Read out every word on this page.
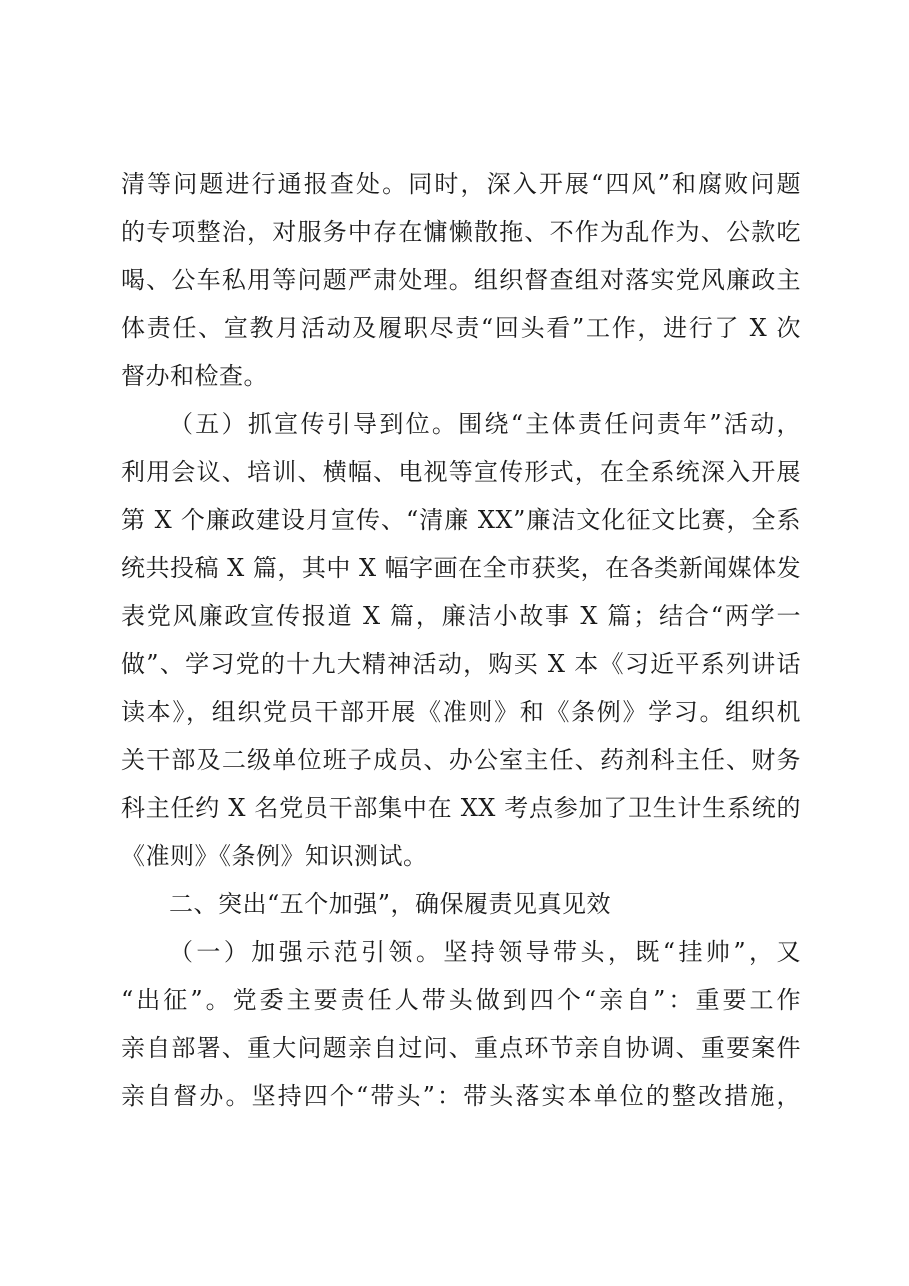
清等问题进行通报查处。同时，深入开展“四风”和腐败问题
的专项整治，对服务中存在慵懒散拖、不作为乱作为、公款吃
喝、公车私用等问题严肃处理。组织督查组对落实党风廉政主
体责任、宣教月活动及履职尽责“回头看”工作，进行了 X 次
督办和检查。
（五）抓宣传引导到位。围绕“主体责任问责年”活动，
利用会议、培训、横幅、电视等宣传形式，在全系统深入开展
第 X 个廉政建设月宣传、“清廉 XX”廉洁文化征文比赛，全系
统共投稿 X 篇，其中 X 幅字画在全市获奖，在各类新闻媒体发
表党风廉政宣传报道 X 篇，廉洁小故事 X 篇；结合“两学一
做”、学习党的十九大精神活动，购买 X 本《习近平系列讲话
读本》，组织党员干部开展《准则》和《条例》学习。组织机
关干部及二级单位班子成员、办公室主任、药剂科主任、财务
科主任约 X 名党员干部集中在 XX 考点参加了卫生计生系统的
《准则》《条例》知识测试。
二、突出“五个加强”，确保履责见真见效
（一）加强示范引领。坚持领导带头，既“挂帅”，又
“出征”。党委主要责任人带头做到四个“亲自”：重要工作
亲自部署、重大问题亲自过问、重点环节亲自协调、重要案件
亲自督办。坚持四个“带头”：带头落实本单位的整改措施，
